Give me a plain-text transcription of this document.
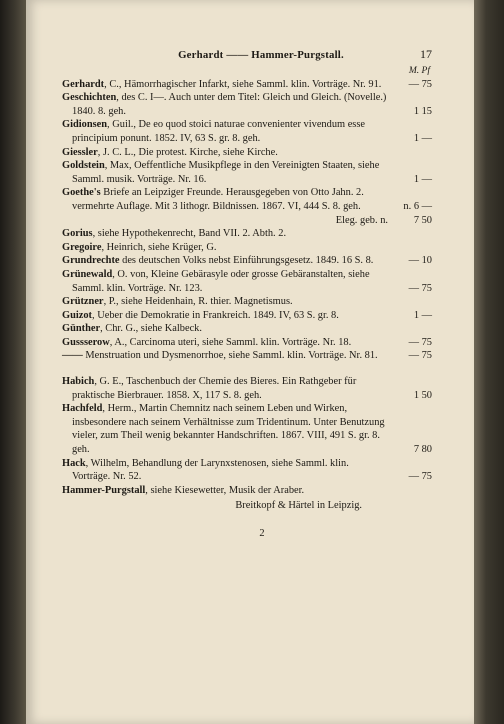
Gerhardt —— Hammer-Purgstall.	17
M. Pf
Gerhardt, C., Hämorrhagischer Infarkt, siehe Samml. klin. Vorträge. Nr. 91.	— 75
Geschichten, des C. I—. Auch unter dem Titel: Gleich und Gleich. (Novelle.) 1840. 8. geh.	1 15
Gidionsen, Guil., De eo quod stoici naturae convenienter vivendum esse principium ponunt. 1852. IV, 63 S. gr. 8. geh.	1 —
Giessler, J. C. L., Die protest. Kirche, siehe Kirche.
Goldstein, Max, Oeffentliche Musikpflege in den Vereinigten Staaten, siehe Samml. musik. Vorträge. Nr. 16.	1 —
Goethe's Briefe an Leipziger Freunde. Herausgegeben von Otto Jahn. 2. vermehrte Auflage. Mit 3 lithogr. Bildnissen. 1867. VI, 444 S. 8. geh.	n. 6 —
Eleg. geb. n.	7 50
Gorius, siehe Hypothekenrecht, Band VII. 2. Abth. 2.
Gregoire, Heinrich, siehe Krüger, G.
Grundrechte des deutschen Volks nebst Einführungsgesetz. 1849. 16 S. 8.	— 10
Grünewald, O. von, Kleine Gebärasyle oder grosse Gebäranstalten, siehe Samml. klin. Vorträge. Nr. 123.	— 75
Grützner, P., siehe Heidenhain, R. thier. Magnetismus.
Guizot, Ueber die Demokratie in Frankreich. 1849. IV, 63 S. gr. 8.	1 —
Günther, Chr. G., siehe Kalbeck.
Gussserow, A., Carcinoma uteri, siehe Samml. klin. Vorträge. Nr. 18.	— 75
—— Menstruation und Dysmenorrhoe, siehe Samml. klin. Vorträge. Nr. 81.	— 75
Habich, G. E., Taschenbuch der Chemie des Bieres. Ein Rathgeber für praktische Bierbrauer. 1858. X, 117 S. 8. geh.	1 50
Hachfeld, Herm., Martin Chemnitz nach seinem Leben und Wirken, insbesondere nach seinem Verhältnisse zum Tridentinum. Unter Benutzung vieler, zum Theil wenig bekannter Handschriften. 1867. VIII, 491 S. gr. 8. geh.	7 80
Hack, Wilhelm, Behandlung der Larynxstenosen, siehe Samml. klin. Vorträge. Nr. 52.	— 75
Hammer-Purgstall, siehe Kiesewetter, Musik der Araber.
Breitkopf & Härtel in Leipzig.
2
